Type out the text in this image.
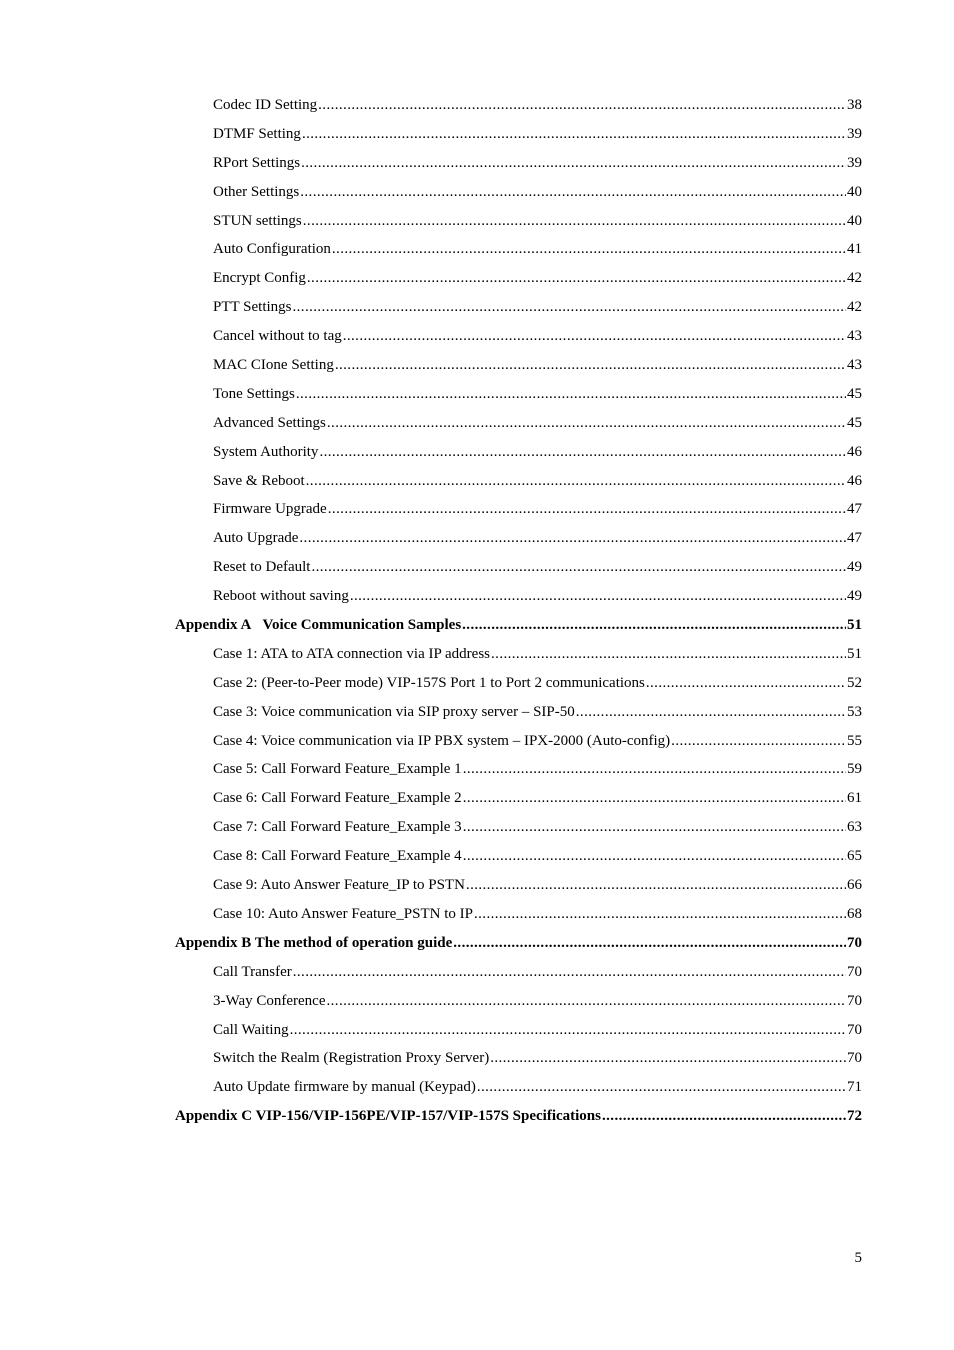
Codec ID Setting .....	38
DTMF Setting .....	39
RPort Settings .....	39
Other Settings .....	40
STUN settings .....	40
Auto Configuration .....	41
Encrypt Config .....	42
PTT Settings .....	42
Cancel without to tag .....	43
MAC CIone Setting .....	43
Tone Settings .....	45
Advanced Settings .....	45
System Authority .....	46
Save & Reboot .....	46
Firmware Upgrade .....	47
Auto Upgrade .....	47
Reset to Default .....	49
Reboot without saving .....	49
Appendix A   Voice Communication Samples .....	51
Case 1: ATA to ATA connection via IP address .....	51
Case 2: (Peer-to-Peer mode) VIP-157S Port 1 to Port 2 communications .....	52
Case 3: Voice communication via SIP proxy server – SIP-50 .....	53
Case 4: Voice communication via IP PBX system – IPX-2000 (Auto-config) .....	55
Case 5: Call Forward Feature_Example 1 .....	59
Case 6: Call Forward Feature_Example 2 .....	61
Case 7: Call Forward Feature_Example 3 .....	63
Case 8: Call Forward Feature_Example 4 .....	65
Case 9: Auto Answer Feature_IP to PSTN .....	66
Case 10: Auto Answer Feature_PSTN to IP .....	68
Appendix B The method of operation guide .....	70
Call Transfer .....	70
3-Way Conference .....	70
Call Waiting .....	70
Switch the Realm (Registration Proxy Server) .....	70
Auto Update firmware by manual (Keypad) .....	71
Appendix C VIP-156/VIP-156PE/VIP-157/VIP-157S Specifications .....	72
5
